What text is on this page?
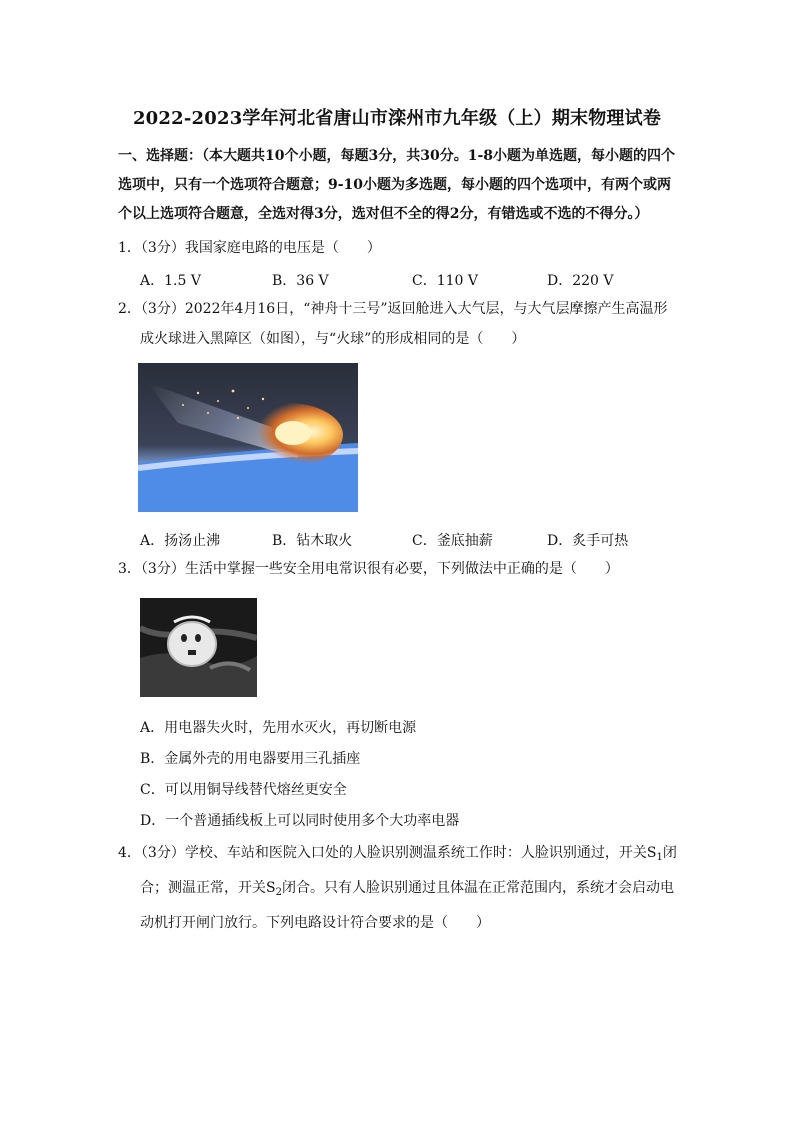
2022-2023学年河北省唐山市滦州市九年级（上）期末物理试卷
一、选择题：（本大题共10个小题，每题3分，共30分。1-8小题为单选题，每小题的四个选项中，只有一个选项符合题意；9-10小题为多选题，每小题的四个选项中，有两个或两个以上选项符合题意，全选对得3分，选对但不全的得2分，有错选或不选的不得分。）
1．（3分）我国家庭电路的电压是（　　）
A．1.5 V	B．36 V	C．110 V	D．220 V
2．（3分）2022年4月16日，“神舟十三号”返回舱进入大气层，与大气层摩擦产生高温形成火球进入黑障区（如图），与“火球”的形成相同的是（　　）
A．扬汤止沸	B．钻木取火	C．釜底抽薪	D．炙手可热
3．（3分）生活中掌握一些安全用电常识很有必要，下列做法中正确的是（　　）
A．用电器失火时，先用水灭火，再切断电源
B．金属外壳的用电器要用三孔插座
C．可以用铜导线替代熔丝更安全
D．一个普通插线板上可以同时使用多个大功率电器
4．（3分）学校、车站和医院入口处的人脸识别测温系统工作时：人脸识别通过，开关$S_1$闭合；测温正常，开关$S_2$闭合。只有人脸识别通过且体温在正常范围内，系统才会启动电动机打开闸门放行。下列电路设计符合要求的是（　　）
